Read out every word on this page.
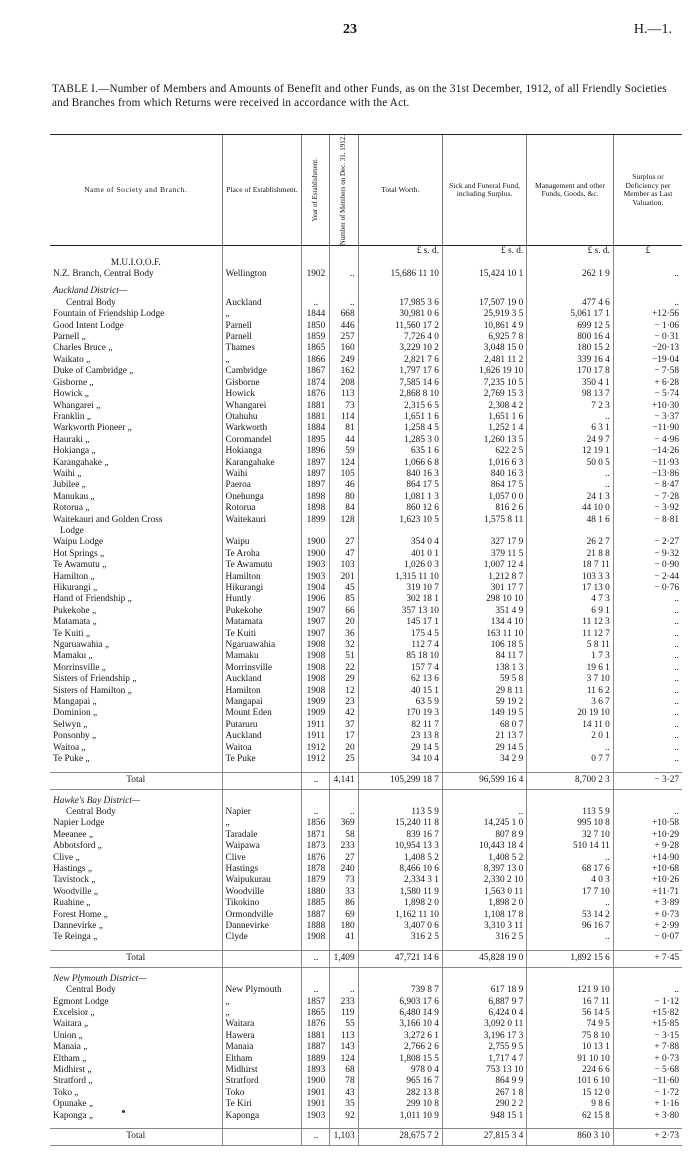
23	H.—1.
TABLE I.—Number of Members and Amounts of Benefit and other Funds, as on the 31st December, 1912, of all Friendly Societies and Branches from which Returns were received in accordance with the Act.
Name of Society and Branch.	Place of Establishment.	Year of Establishment.	Number of Members on Dec. 31, 1912.	Total Worth.	Sick and Funeral Fund, including Surplus.	Management and other Funds, Goods, &c.	Surplus or Deficiency per Member as Last Valuation.
				£ s. d.	£ s. d.	£ s. d.	£
M.U.I.O.O.F.							
N.Z. Branch, Central Body	Wellington	1902	..	15,686 11 10	15,424 10 1	262 1 9	..

Auckland District—							
Central Body	Auckland	..	..	17,985 3 6	17,507 19 0	477 4 6	..
Fountain of Friendship Lodge	„	1844	668	30,981 0 6	25,919 3 5	5,061 17 1	+12·56
Good Intent Lodge	Parnell	1850	446	11,560 17 2	10,861 4 9	699 12 5	− 1·06
Parnell „	Parnell	1859	257	7,726 4 0	6,925 7 8	800 16 4	− 0·31
Charles Bruce „	Thames	1865	160	3,229 10 2	3,048 15 0	180 15 2	−20·13
Waikato „	„	1866	249	2,821 7 6	2,481 11 2	339 16 4	−19·04
Duke of Cambridge „	Cambridge	1867	162	1,797 17 6	1,626 19 10	170 17 8	− 7·58
Gisborne „	Gisborne	1874	208	7,585 14 6	7,235 10 5	350 4 1	+ 6·28
Howick „	Howick	1876	113	2,868 8 10	2,769 15 3	98 13 7	− 5·74
Whangarei „	Whangarei	1881	73	2,315 6 5	2,308 4 2	7 2 3	+10·30
Franklin „	Otahuhu	1881	114	1,651 1 6	1,651 1 6	..	− 3·37
Warkworth Pioneer „	Warkworth	1884	81	1,258 4 5	1,252 1 4	6 3 1	−11·90
Hauraki „	Coromandel	1895	44	1,285 3 0	1,260 13 5	24 9 7	− 4·96
Hokianga „	Hokianga	1896	59	635 1 6	622 2 5	12 19 1	−14·26
Karangahake „	Karangahake	1897	124	1,066 6 8	1,016 6 3	50 0 5	−11·93
Waihi „	Waihi	1897	105	840 16 3	840 16 3	..	−13·86
Jubilee „	Paeroa	1897	46	864 17 5	864 17 5	..	− 8·47
Manukau „	Onehunga	1898	80	1,081 1 3	1,057 0 0	24 1 3	− 7·28
Rotorua „	Rotorua	1898	84	860 12 6	816 2 6	44 10 0	− 3·92
Waitekauri and Golden Cross	Waitekauri	1899	128	1,623 10 5	1,575 8 11	48 1 6	− 8·81
Lodge							
Waipu Lodge	Waipu	1900	27	354 0 4	327 17 9	26 2 7	− 2·27
Hot Springs „	Te Aroha	1900	47	401 0 1	379 11 5	21 8 8	− 9·32
Te Awamutu „	Te Awamutu	1903	103	1,026 0 3	1,007 12 4	18 7 11	− 0·90
Hamilton „	Hamilton	1903	201	1,315 11 10	1,212 8 7	103 3 3	− 2·44
Hikurangi „	Hikurangi	1904	45	319 10 7	301 17 7	17 13 0	− 0·76
Hand of Friendship „	Huntly	1906	85	302 18 1	298 10 10	4 7 3	..
Pukekohe „	Pukekohe	1907	66	357 13 10	351 4 9	6 9 1	..
Matamata „	Matamata	1907	20	145 17 1	134 4 10	11 12 3	..
Te Kuiti „	Te Kuiti	1907	36	175 4 5	163 11 10	11 12 7	..
Ngaruawahia „	Ngaruawahia	1908	32	112 7 4	106 18 5	5 8 11	..
Mamaku „	Mamaku	1908	51	85 18 10	84 11 7	1 7 3	..
Morrinsville „	Morrinsville	1908	22	157 7 4	138 1 3	19 6 1	..
Sisters of Friendship „	Auckland	1908	29	62 13 6	59 5 8	3 7 10	..
Sisters of Hamilton „	Hamilton	1908	12	40 15 1	29 8 11	11 6 2	..
Mangapai „	Mangapai	1909	23	63 5 9	59 19 2	3 6 7	..
Dominion „	Mount Eden	1909	42	170 19 3	149 19 5	20 19 10	..
Selwyn „	Putaruru	1911	37	82 11 7	68 0 7	14 11 0	..
Ponsonby „	Auckland	1911	17	23 13 8	21 13 7	2 0 1	..
Waitoa „	Waitoa	1912	20	29 14 5	29 14 5	..	..
Te Puke „	Te Puke	1912	25	34 10 4	34 2 9	0 7 7	..

Total		..	4,141	105,299 18 7	96,599 16 4	8,700 2 3	− 3·27

Hawke's Bay District—							
Central Body	Napier	..	..	113 5 9	..	113 5 9	..
Napier Lodge	„	1856	369	15,240 11 8	14,245 1 0	995 10 8	+10·58
Meeanee „	Taradale	1871	58	839 16 7	807 8 9	32 7 10	+10·29
Abbotsford „	Waipawa	1873	233	10,954 13 3	10,443 18 4	510 14 11	+ 9·28
Clive „	Clive	1876	27	1,408 5 2	1,408 5 2	..	+14·90
Hastings „	Hastings	1878	240	8,466 10 6	8,397 13 0	68 17 6	+10·68
Tavistock „	Waipukurau	1879	73	2,334 3 1	2,330 2 10	4 0 3	+10·26
Woodville „	Woodville	1880	33	1,580 11 9	1,563 0 11	17 7 10	+11·71
Ruahine „	Tikokino	1885	86	1,898 2 0	1,898 2 0	..	+ 3·89
Forest Home „	Ormondville	1887	69	1,162 11 10	1,108 17 8	53 14 2	+ 0·73
Dannevirke „	Dannevirke	1888	180	3,407 0 6	3,310 3 11	96 16 7	+ 2·99
Te Reinga „	Clyde	1908	41	316 2 5	316 2 5	..	− 0·07

Total		..	1,409	47,721 14 6	45,828 19 0	1,892 15 6	+ 7·45

New Plymouth District—							
Central Body	New Plymouth	..	..	739 8 7	617 18 9	121 9 10	..
Egmont Lodge	„	1857	233	6,903 17 6	6,887 9 7	16 7 11	− 1·12
Excelsior „	„	1865	119	6,480 14 9	6,424 0 4	56 14 5	+15·82
Waitara „	Waitara	1876	55	3,166 10 4	3,092 0 11	74 9 5	+15·85
Union „	Hawera	1881	113	3,272 6 1	3,196 17 3	75 8 10	− 3·15
Manaia „	Manaia	1887	143	2,766 2 6	2,755 9 5	10 13 1	+ 7·88
Eltham „	Eltham	1889	124	1,808 15 5	1,717 4 7	91 10 10	+ 0·73
Midhirst „	Midhirst	1893	68	978 0 4	753 13 10	224 6 6	− 5·68
Stratford „	Stratford	1900	78	965 16 7	864 9 9	101 6 10	−11·60
Toko „	Toko	1901	43	282 13 8	267 1 8	15 12 0	− 1·72
Opunake „	Te Kiri	1901	35	299 10 8	290 2 2	9 8 6	+ 1·16
Kaponga „	Kaponga	1903	92	1,011 10 9	948 15 1	62 15 8	+ 3·80

Total		..	1,103	28,675 7 2	27,815 3 4	860 3 10	+ 2·73
